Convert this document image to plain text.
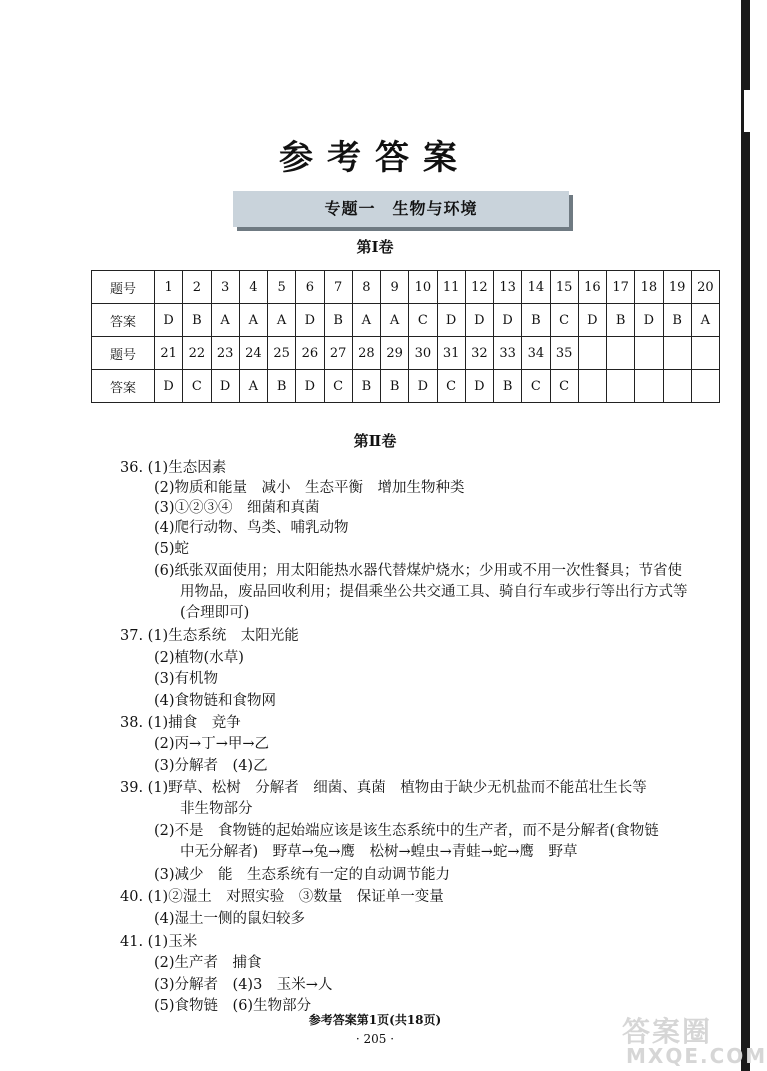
参考答案
专题一　生物与环境
第Ⅰ卷
题号	1	2	3	4	5	6	7	8	9	10	11	12	13	14	15	16	17	18	19	20
答案	D	B	A	A	A	D	B	A	A	C	D	D	D	B	C	D	B	D	B	A
题号	21	22	23	24	25	26	27	28	29	30	31	32	33	34	35					
答案	D	C	D	A	B	D	C	B	B	D	C	D	B	C	C					
第Ⅱ卷
36. (1)生态因素
(2)物质和能量　减小　生态平衡　增加生物种类
(3)①②③④　细菌和真菌
(4)爬行动物、鸟类、哺乳动物
(5)蛇
(6)纸张双面使用；用太阳能热水器代替煤炉烧水；少用或不用一次性餐具；节省使
用物品，废品回收利用；提倡乘坐公共交通工具、骑自行车或步行等出行方式等
(合理即可)
37. (1)生态系统　太阳光能
(2)植物(水草)
(3)有机物
(4)食物链和食物网
38. (1)捕食　竞争
(2)丙→丁→甲→乙
(3)分解者　(4)乙
39. (1)野草、松树　分解者　细菌、真菌　植物由于缺少无机盐而不能茁壮生长等
非生物部分
(2)不是　食物链的起始端应该是该生态系统中的生产者，而不是分解者(食物链
中无分解者)　野草→兔→鹰　松树→蝗虫→青蛙→蛇→鹰　野草
(3)减少　能　生态系统有一定的自动调节能力
40. (1)②湿土　对照实验　③数量　保证单一变量
(4)湿土一侧的鼠妇较多
41. (1)玉米
(2)生产者　捕食
(3)分解者　(4)3　玉米→人
(5)食物链　(6)生物部分
参考答案第1页(共18页)
· 205 ·	答案圈
MXQE.COM
